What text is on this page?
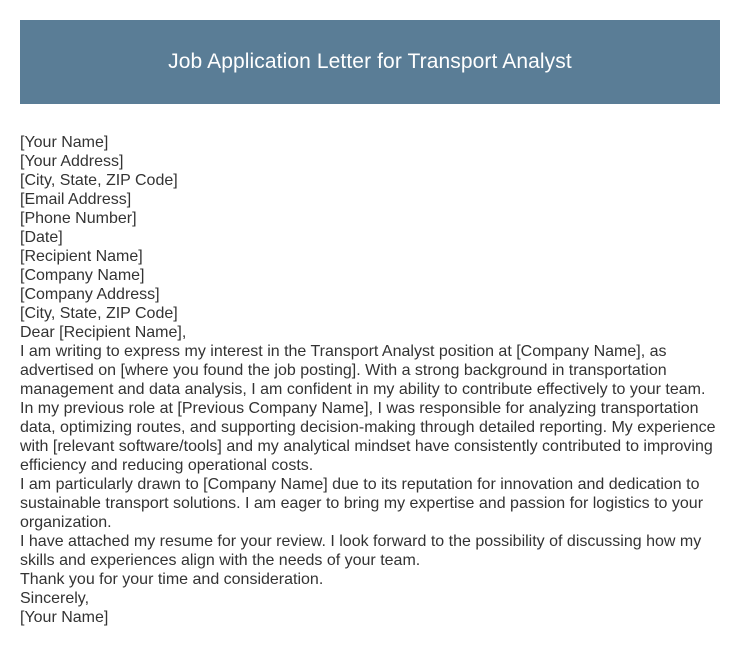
Job Application Letter for Transport Analyst
[Your Name]
[Your Address]
[City, State, ZIP Code]
[Email Address]
[Phone Number]
[Date]
[Recipient Name]
[Company Name]
[Company Address]
[City, State, ZIP Code]
Dear [Recipient Name],
I am writing to express my interest in the Transport Analyst position at [Company Name], as advertised on [where you found the job posting]. With a strong background in transportation management and data analysis, I am confident in my ability to contribute effectively to your team.
In my previous role at [Previous Company Name], I was responsible for analyzing transportation data, optimizing routes, and supporting decision-making through detailed reporting. My experience with [relevant software/tools] and my analytical mindset have consistently contributed to improving efficiency and reducing operational costs.
I am particularly drawn to [Company Name] due to its reputation for innovation and dedication to sustainable transport solutions. I am eager to bring my expertise and passion for logistics to your organization.
I have attached my resume for your review. I look forward to the possibility of discussing how my skills and experiences align with the needs of your team.
Thank you for your time and consideration.
Sincerely,
[Your Name]
